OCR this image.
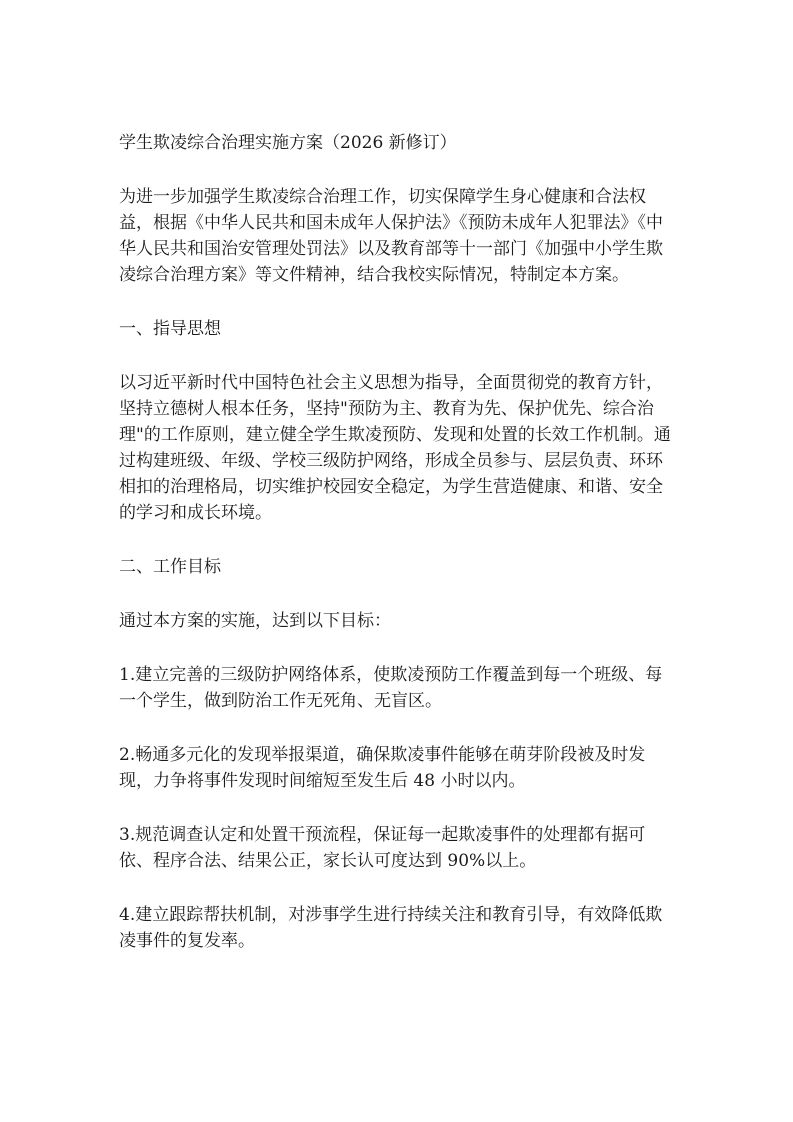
学生欺凌综合治理实施方案（2026 新修订）

为进一步加强学生欺凌综合治理工作，切实保障学生身心健康和合法权益，根据《中华人民共和国未成年人保护法》《预防未成年人犯罪法》《中华人民共和国治安管理处罚法》以及教育部等十一部门《加强中小学生欺凌综合治理方案》等文件精神，结合我校实际情况，特制定本方案。

一、指导思想

以习近平新时代中国特色社会主义思想为指导，全面贯彻党的教育方针，坚持立德树人根本任务，坚持"预防为主、教育为先、保护优先、综合治理"的工作原则，建立健全学生欺凌预防、发现和处置的长效工作机制。通过构建班级、年级、学校三级防护网络，形成全员参与、层层负责、环环相扣的治理格局，切实维护校园安全稳定，为学生营造健康、和谐、安全的学习和成长环境。

二、工作目标

通过本方案的实施，达到以下目标：

1.建立完善的三级防护网络体系，使欺凌预防工作覆盖到每一个班级、每一个学生，做到防治工作无死角、无盲区。

2.畅通多元化的发现举报渠道，确保欺凌事件能够在萌芽阶段被及时发现，力争将事件发现时间缩短至发生后 48 小时以内。

3.规范调查认定和处置干预流程，保证每一起欺凌事件的处理都有据可依、程序合法、结果公正，家长认可度达到 90%以上。

4.建立跟踪帮扶机制，对涉事学生进行持续关注和教育引导，有效降低欺凌事件的复发率。
